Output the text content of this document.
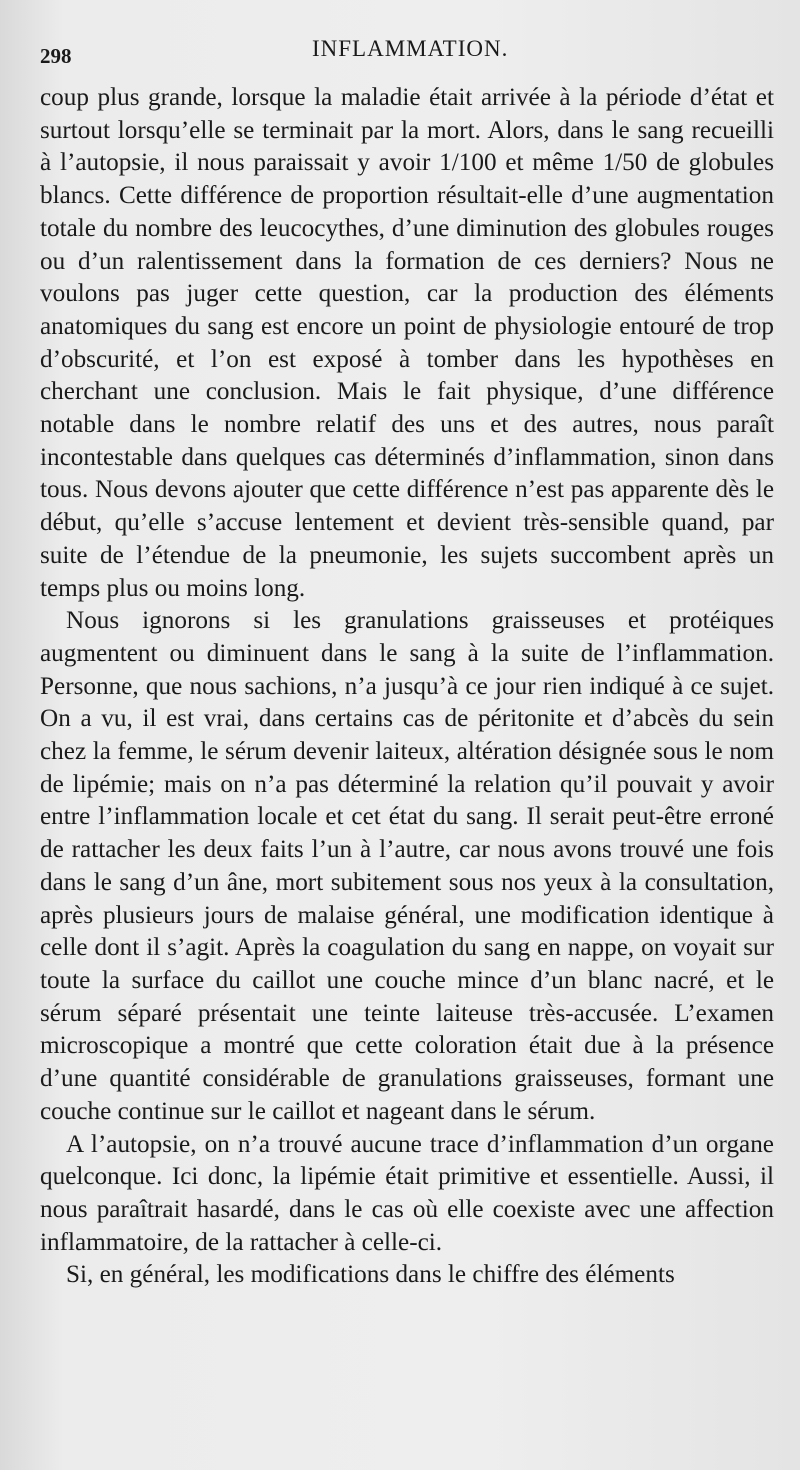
298	INFLAMMATION.

coup plus grande, lorsque la maladie était arrivée à la période d’état et surtout lorsqu’elle se terminait par la mort. Alors, dans le sang recueilli à l’autopsie, il nous paraissait y avoir 1/100 et même 1/50 de globules blancs. Cette différence de proportion résultait-elle d’une augmentation totale du nombre des leucocythes, d’une diminution des globules rouges ou d’un ralentissement dans la formation de ces derniers? Nous ne voulons pas juger cette question, car la production des éléments anatomiques du sang est encore un point de physiologie entouré de trop d’obscurité, et l’on est exposé à tomber dans les hypothèses en cherchant une conclusion. Mais le fait physique, d’une différence notable dans le nombre relatif des uns et des autres, nous paraît incontestable dans quelques cas déterminés d’inflammation, sinon dans tous. Nous devons ajouter que cette différence n’est pas apparente dès le début, qu’elle s’accuse lentement et devient très-sensible quand, par suite de l’étendue de la pneumonie, les sujets succombent après un temps plus ou moins long.

Nous ignorons si les granulations graisseuses et protéiques augmentent ou diminuent dans le sang à la suite de l’inflammation. Personne, que nous sachions, n’a jusqu’à ce jour rien indiqué à ce sujet. On a vu, il est vrai, dans certains cas de péritonite et d’abcès du sein chez la femme, le sérum devenir laiteux, altération désignée sous le nom de lipémie; mais on n’a pas déterminé la relation qu’il pouvait y avoir entre l’inflammation locale et cet état du sang. Il serait peut-être erroné de rattacher les deux faits l’un à l’autre, car nous avons trouvé une fois dans le sang d’un âne, mort subitement sous nos yeux à la consultation, après plusieurs jours de malaise général, une modification identique à celle dont il s’agit. Après la coagulation du sang en nappe, on voyait sur toute la surface du caillot une couche mince d’un blanc nacré, et le sérum séparé présentait une teinte laiteuse très-accusée. L’examen microscopique a montré que cette coloration était due à la présence d’une quantité considérable de granulations graisseuses, formant une couche continue sur le caillot et nageant dans le sérum.

A l’autopsie, on n’a trouvé aucune trace d’inflammation d’un organe quelconque. Ici donc, la lipémie était primitive et essentielle. Aussi, il nous paraîtrait hasardé, dans le cas où elle coexiste avec une affection inflammatoire, de la rattacher à celle-ci.

Si, en général, les modifications dans le chiffre des éléments
